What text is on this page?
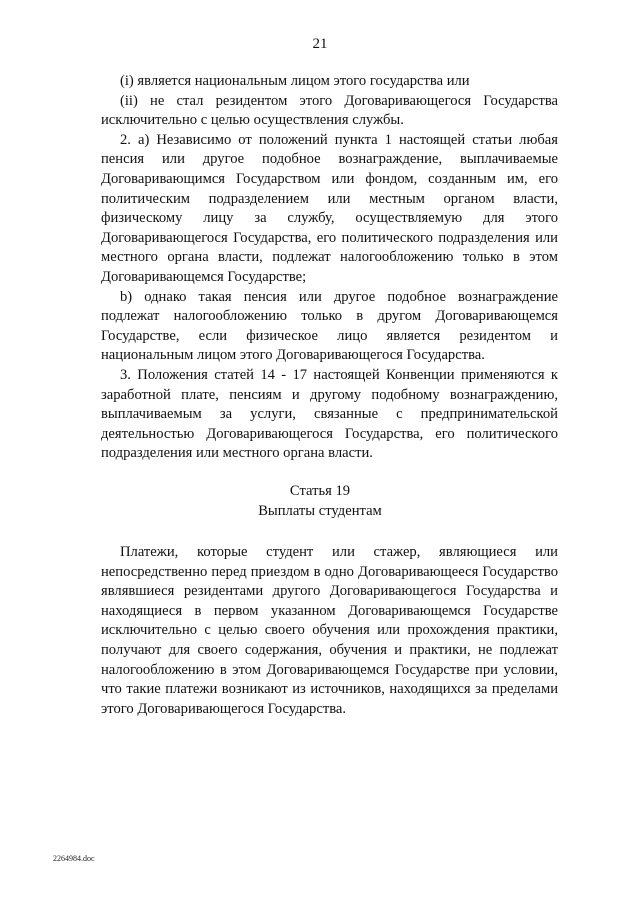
21

(i) является национальным лицом этого государства или

(ii) не стал резидентом этого Договаривающегося Государства исключительно с целью осуществления службы.

2. a) Независимо от положений пункта 1 настоящей статьи любая пенсия или другое подобное вознаграждение, выплачиваемые Договаривающимся Государством или фондом, созданным им, его политическим подразделением или местным органом власти, физическому лицу за службу, осуществляемую для этого Договаривающегося Государства, его политического подразделения или местного органа власти, подлежат налогообложению только в этом Договаривающемся Государстве;

b) однако такая пенсия или другое подобное вознаграждение подлежат налогообложению только в другом Договаривающемся Государстве, если физическое лицо является резидентом и национальным лицом этого Договаривающегося Государства.

3. Положения статей 14 - 17 настоящей Конвенции применяются к заработной плате, пенсиям и другому подобному вознаграждению, выплачиваемым за услуги, связанные с предпринимательской деятельностью Договаривающегося Государства, его политического подразделения или местного органа власти.

Статья 19
Выплаты студентам

Платежи, которые студент или стажер, являющиеся или непосредственно перед приездом в одно Договаривающееся Государство являвшиеся резидентами другого Договаривающегося Государства и находящиеся в первом указанном Договаривающемся Государстве исключительно с целью своего обучения или прохождения практики, получают для своего содержания, обучения и практики, не подлежат налогообложению в этом Договаривающемся Государстве при условии, что такие платежи возникают из источников, находящихся за пределами этого Договаривающегося Государства.

2264984.doc
